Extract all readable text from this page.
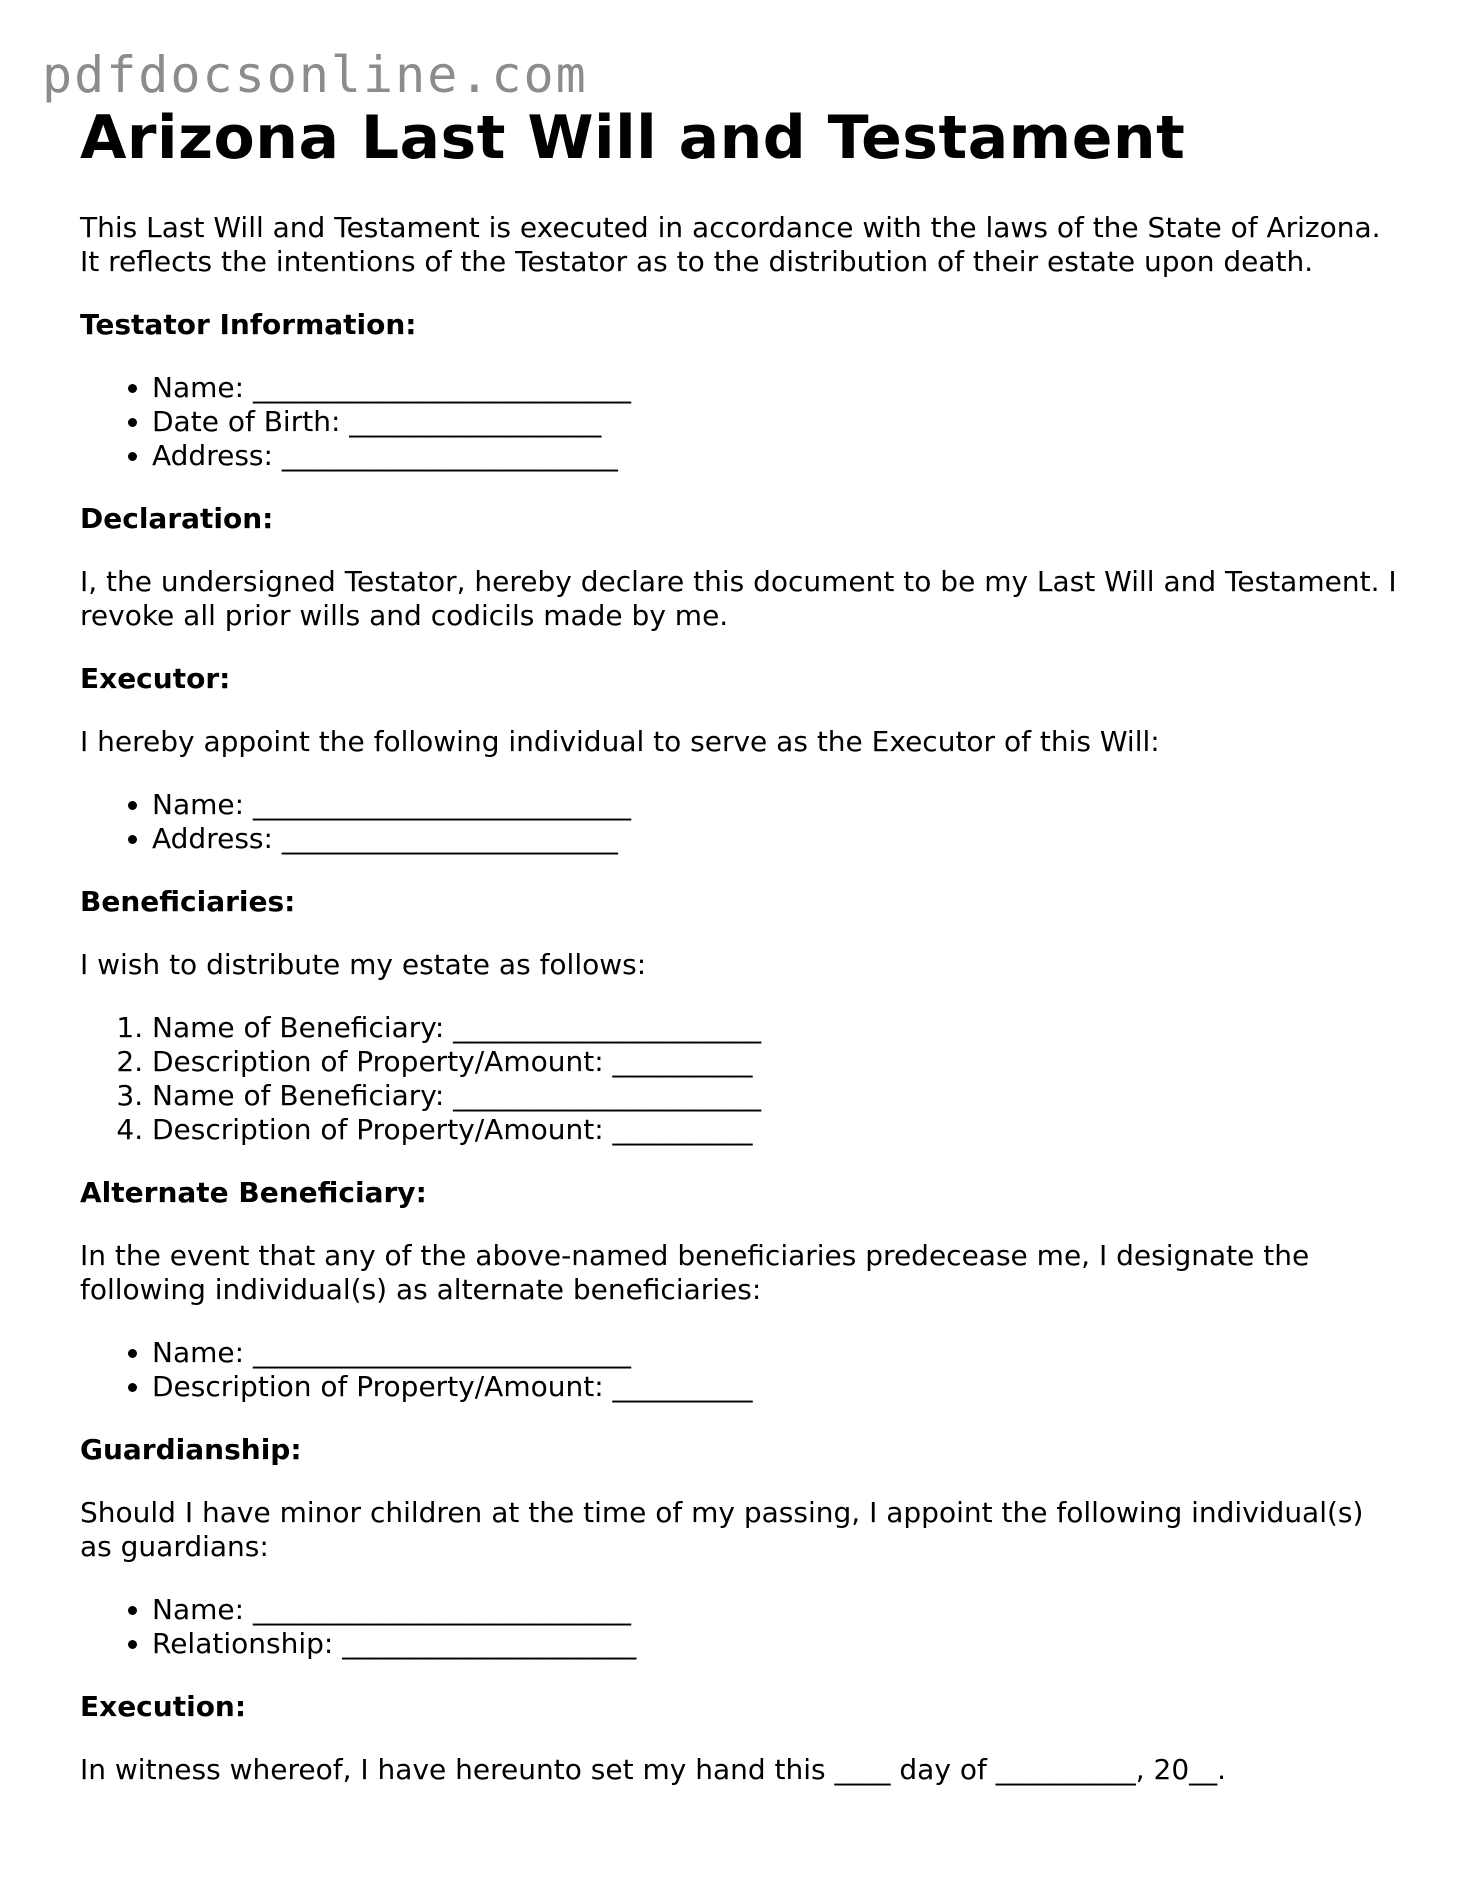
pdfdocsonline.com
Arizona Last Will and Testament

This Last Will and Testament is executed in accordance with the laws of the State of Arizona. It reflects the intentions of the Testator as to the distribution of their estate upon death.

Testator Information:
• Name: ___________________________
• Date of Birth: __________________
• Address: ________________________
Declaration:

I, the undersigned Testator, hereby declare this document to be my Last Will and Testament. I revoke all prior wills and codicils made by me.

Executor:

I hereby appoint the following individual to serve as the Executor of this Will:

• Name: ___________________________
• Address: ________________________
Beneficiaries:

I wish to distribute my estate as follows:

1. Name of Beneficiary: ______________________
2. Description of Property/Amount: __________
3. Name of Beneficiary: ______________________
4. Description of Property/Amount: __________
Alternate Beneficiary:

In the event that any of the above-named beneficiaries predecease me, I designate the following individual(s) as alternate beneficiaries:

• Name: ___________________________
• Description of Property/Amount: __________
Guardianship:

Should I have minor children at the time of my passing, I appoint the following individual(s) as guardians:

• Name: ___________________________
• Relationship: _____________________
Execution:

In witness whereof, I have hereunto set my hand this ____ day of __________, 20__.
